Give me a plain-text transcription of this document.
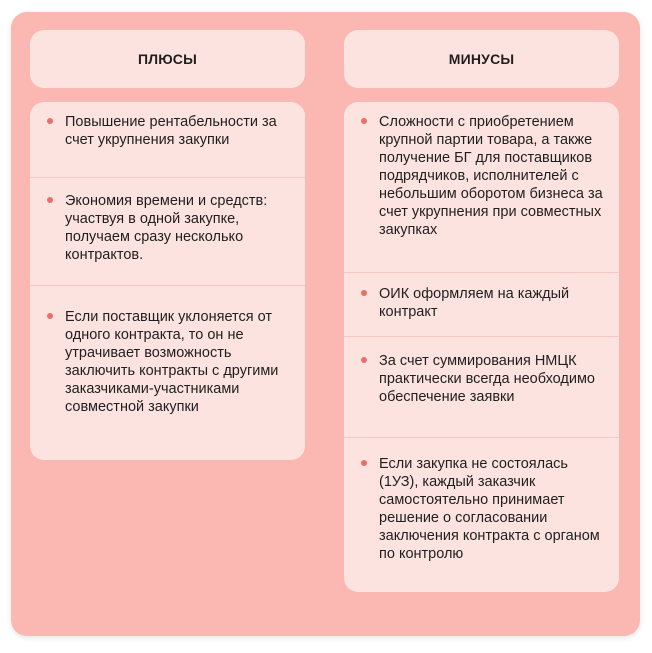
ПЛЮСЫ
Повышение рентабельности за счет укрупнения закупки
Экономия времени и средств: участвуя в одной закупке, получаем сразу несколько контрактов.
Если поставщик уклоняется от одного контракта, то он не утрачивает возможность заключить контракты с другими заказчиками-участниками совместной закупки
МИНУСЫ
Сложности с приобретением крупной партии товара, а также получение БГ для поставщиков подрядчиков, исполнителей с небольшим оборотом бизнеса за счет укрупнения при совместных закупках
ОИК оформляем на каждый контракт
За счет суммирования НМЦК практически всегда необходимо обеспечение заявки
Если закупка не состоялась (1УЗ), каждый заказчик самостоятельно принимает решение о согласовании заключения контракта с органом по контролю
